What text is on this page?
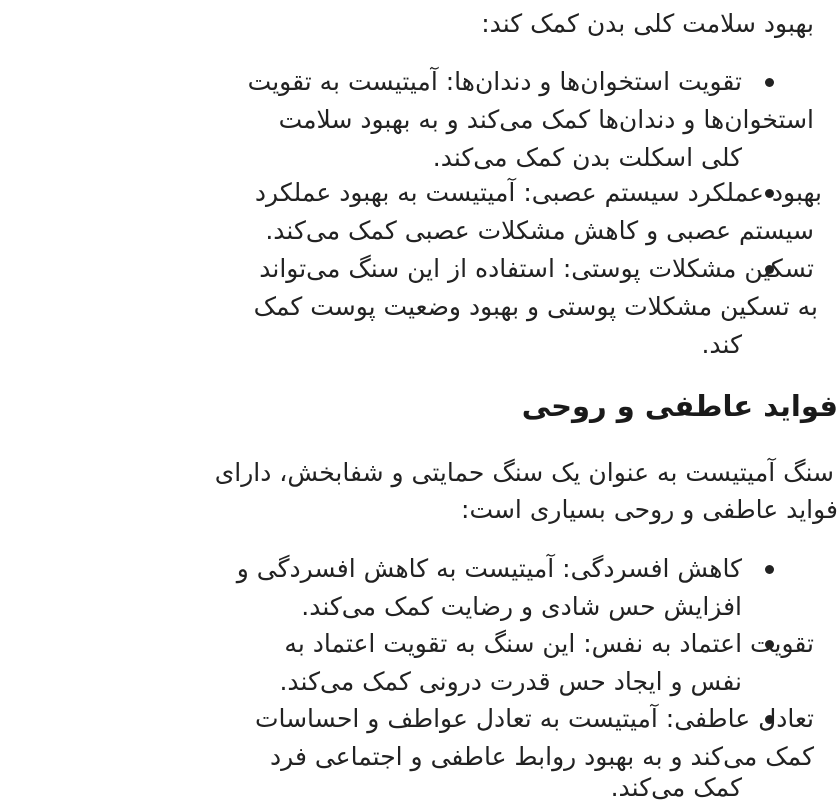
بهبود سلامت کلی بدن کمک کند:
تقویت استخوان‌ها و دندان‌ها: آمیتیست به تقویت
استخوان‌ها و دندان‌ها کمک می‌کند و به بهبود سلامت
کلی اسکلت بدن کمک می‌کند.
بهبود عملکرد سیستم عصبی: آمیتیست به بهبود عملکرد
سیستم عصبی و کاهش مشکلات عصبی کمک می‌کند.
تسکین مشکلات پوستی: استفاده از این سنگ می‌تواند
به تسکین مشکلات پوستی و بهبود وضعیت پوست کمک
کند.
فواید عاطفی و روحی
سنگ آمیتیست به عنوان یک سنگ حمایتی و شفابخش، دارای
فواید عاطفی و روحی بسیاری است:
کاهش افسردگی: آمیتیست به کاهش افسردگی و
افزایش حس شادی و رضایت کمک می‌کند.
تقویت اعتماد به نفس: این سنگ به تقویت اعتماد به
نفس و ایجاد حس قدرت درونی کمک می‌کند.
تعادل عاطفی: آمیتیست به تعادل عواطف و احساسات
کمک می‌کند و به بهبود روابط عاطفی و اجتماعی فرد
کمک می‌کند.
